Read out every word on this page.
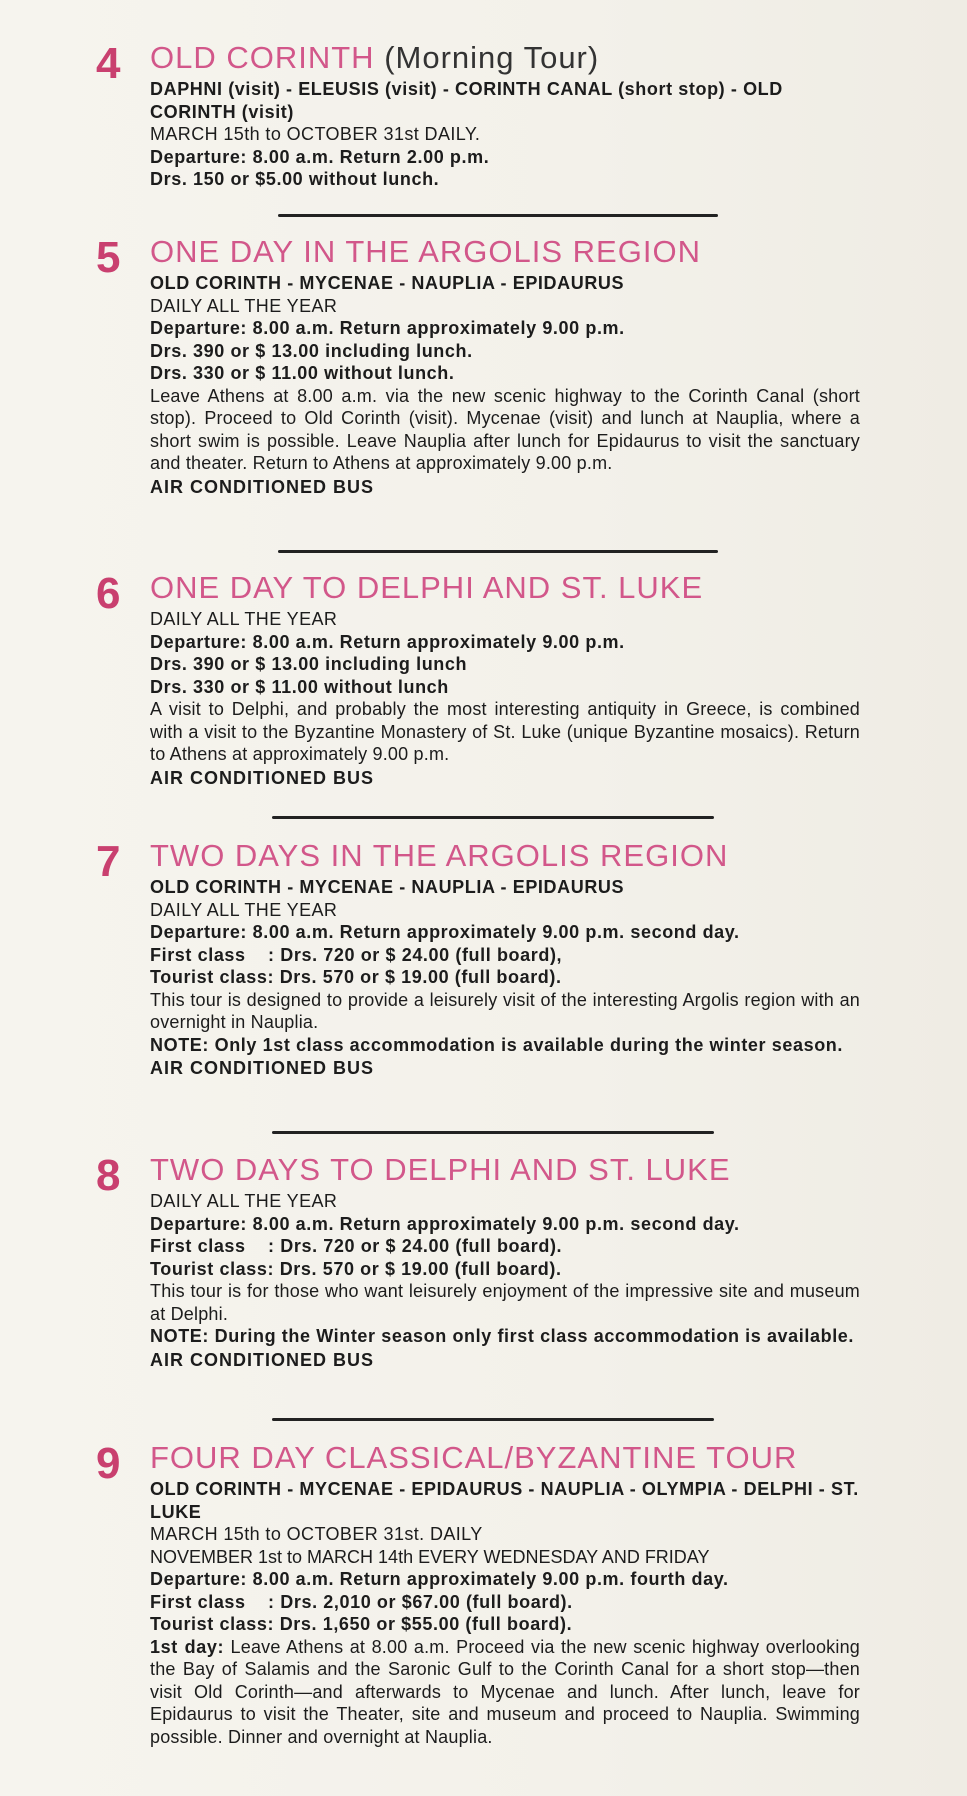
4 OLD CORINTH (Morning Tour)
DAPHNI (visit) - ELEUSIS (visit) - CORINTH CANAL (short stop) - OLD CORINTH (visit)
MARCH 15th to OCTOBER 31st DAILY.
Departure: 8.00 a.m. Return 2.00 p.m.
Drs. 150 or $5.00 without lunch.
5 ONE DAY IN THE ARGOLIS REGION
OLD CORINTH - MYCENAE - NAUPLIA - EPIDAURUS
DAILY ALL THE YEAR
Departure: 8.00 a.m. Return approximately 9.00 p.m.
Drs. 390 or $ 13.00 including lunch.
Drs. 330 or $ 11.00 without lunch.
Leave Athens at 8.00 a.m. via the new scenic highway to the Corinth Canal (short stop). Proceed to Old Corinth (visit). Mycenae (visit) and lunch at Nauplia, where a short swim is possible. Leave Nauplia after lunch for Epidaurus to visit the sanctuary and theater. Return to Athens at approximately 9.00 p.m.
AIR CONDITIONED BUS
6 ONE DAY TO DELPHI AND ST. LUKE
DAILY ALL THE YEAR
Departure: 8.00 a.m. Return approximately 9.00 p.m.
Drs. 390 or $ 13.00 including lunch
Drs. 330 or $ 11.00 without lunch
A visit to Delphi, and probably the most interesting antiquity in Greece, is combined with a visit to the Byzantine Monastery of St. Luke (unique Byzantine mosaics). Return to Athens at approximately 9.00 p.m.
AIR CONDITIONED BUS
7 TWO DAYS IN THE ARGOLIS REGION
OLD CORINTH - MYCENAE - NAUPLIA - EPIDAURUS
DAILY ALL THE YEAR
Departure: 8.00 a.m. Return approximately 9.00 p.m. second day.
First class    : Drs. 720 or $ 24.00 (full board),
Tourist class: Drs. 570 or $ 19.00 (full board).
This tour is designed to provide a leisurely visit of the interesting Argolis region with an overnight in Nauplia.
NOTE: Only 1st class accommodation is available during the winter season.
AIR CONDITIONED BUS
8 TWO DAYS TO DELPHI AND ST. LUKE
DAILY ALL THE YEAR
Departure: 8.00 a.m. Return approximately 9.00 p.m. second day.
First class    : Drs. 720 or $ 24.00 (full board).
Tourist class: Drs. 570 or $ 19.00 (full board).
This tour is for those who want leisurely enjoyment of the impressive site and museum at Delphi.
NOTE: During the Winter season only first class accommodation is available.
AIR CONDITIONED BUS
9 FOUR DAY CLASSICAL/BYZANTINE TOUR
OLD CORINTH - MYCENAE - EPIDAURUS - NAUPLIA - OLYMPIA - DELPHI - ST. LUKE
MARCH 15th to OCTOBER 31st. DAILY
NOVEMBER 1st to MARCH 14th EVERY WEDNESDAY AND FRIDAY
Departure: 8.00 a.m. Return approximately 9.00 p.m. fourth day.
First class    : Drs. 2,010 or $67.00 (full board).
Tourist class: Drs. 1,650 or $55.00 (full board).
1st day: Leave Athens at 8.00 a.m. Proceed via the new scenic highway overlooking the Bay of Salamis and the Saronic Gulf to the Corinth Canal for a short stop—then visit Old Corinth—and afterwards to Mycenae and lunch. After lunch, leave for Epidaurus to visit the Theater, site and museum and proceed to Nauplia. Swimming possible. Dinner and overnight at Nauplia.
